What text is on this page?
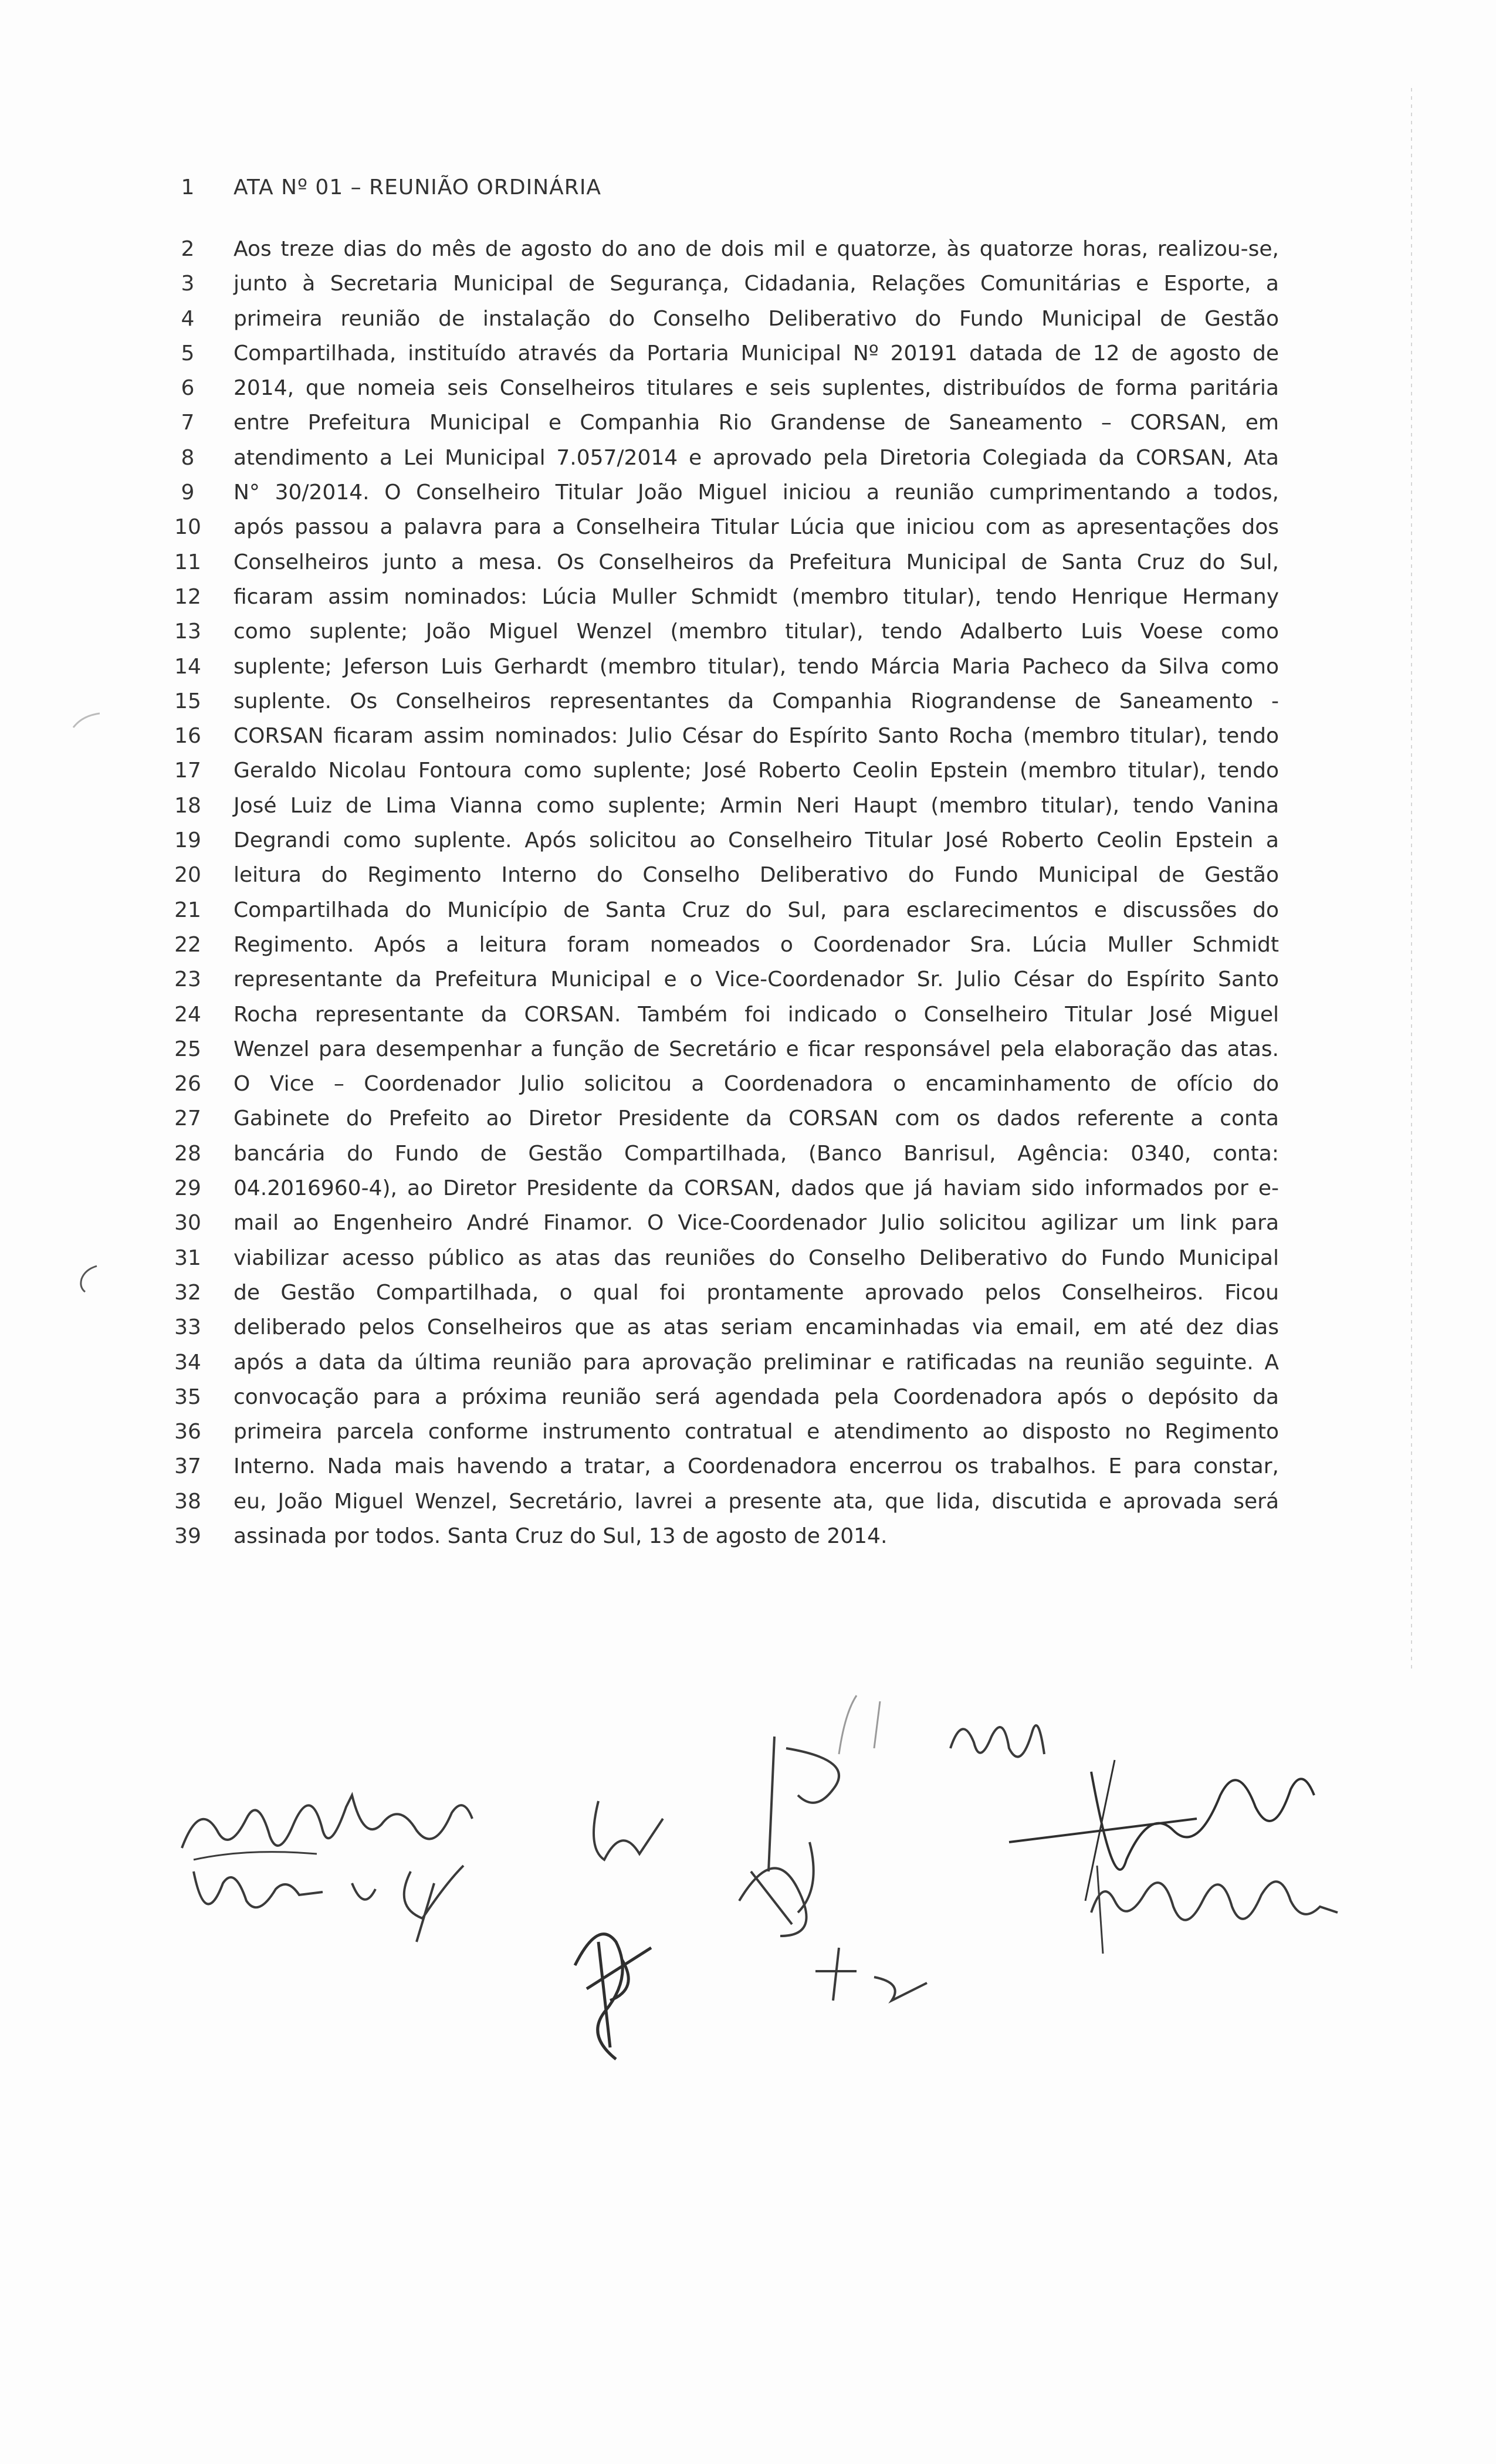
1	ATA Nº 01 – REUNIÃO ORDINÁRIA
2	Aos treze dias do mês de agosto do ano de dois mil e quatorze, às quatorze horas, realizou-se,
3	junto à Secretaria Municipal de Segurança, Cidadania, Relações Comunitárias e Esporte, a
4	primeira reunião de instalação do Conselho Deliberativo do Fundo Municipal de Gestão
5	Compartilhada, instituído através da Portaria Municipal Nº 20191 datada de 12 de agosto de
6	2014, que nomeia seis Conselheiros titulares e seis suplentes, distribuídos de forma paritária
7	entre Prefeitura Municipal e Companhia Rio Grandense de Saneamento – CORSAN, em
8	atendimento a Lei Municipal 7.057/2014 e aprovado pela Diretoria Colegiada da CORSAN, Ata
9	N° 30/2014. O Conselheiro Titular João Miguel iniciou a reunião cumprimentando a todos,
10	após passou a palavra para a Conselheira Titular Lúcia que iniciou com as apresentações dos
11	Conselheiros junto a mesa. Os Conselheiros da Prefeitura Municipal de Santa Cruz do Sul,
12	ficaram assim nominados: Lúcia Muller Schmidt (membro titular), tendo Henrique Hermany
13	como suplente; João Miguel Wenzel (membro titular), tendo Adalberto Luis Voese como
14	suplente; Jeferson Luis Gerhardt (membro titular), tendo Márcia Maria Pacheco da Silva como
15	suplente. Os Conselheiros representantes da Companhia Riograndense de Saneamento -
16	CORSAN ficaram assim nominados: Julio César do Espírito Santo Rocha (membro titular), tendo
17	Geraldo Nicolau Fontoura como suplente; José Roberto Ceolin Epstein (membro titular), tendo
18	José Luiz de Lima Vianna como suplente; Armin Neri Haupt (membro titular), tendo Vanina
19	Degrandi como suplente. Após solicitou ao Conselheiro Titular José Roberto Ceolin Epstein a
20	leitura do Regimento Interno do Conselho Deliberativo do Fundo Municipal de Gestão
21	Compartilhada do Município de Santa Cruz do Sul, para esclarecimentos e discussões do
22	Regimento. Após a leitura foram nomeados o Coordenador Sra. Lúcia Muller Schmidt
23	representante da Prefeitura Municipal e o Vice-Coordenador Sr. Julio César do Espírito Santo
24	Rocha representante da CORSAN. Também foi indicado o Conselheiro Titular José Miguel
25	Wenzel para desempenhar a função de Secretário e ficar responsável pela elaboração das atas.
26	O Vice – Coordenador Julio solicitou a Coordenadora o encaminhamento de ofício do
27	Gabinete do Prefeito ao Diretor Presidente da CORSAN com os dados referente a conta
28	bancária do Fundo de Gestão Compartilhada, (Banco Banrisul, Agência: 0340, conta:
29	04.2016960-4), ao Diretor Presidente da CORSAN, dados que já haviam sido informados por e-
30	mail ao Engenheiro André Finamor. O Vice-Coordenador Julio solicitou agilizar um link para
31	viabilizar acesso público as atas das reuniões do Conselho Deliberativo do Fundo Municipal
32	de Gestão Compartilhada, o qual foi prontamente aprovado pelos Conselheiros. Ficou
33	deliberado pelos Conselheiros que as atas seriam encaminhadas via email, em até dez dias
34	após a data da última reunião para aprovação preliminar e ratificadas na reunião seguinte. A
35	convocação para a próxima reunião será agendada pela Coordenadora após o depósito da
36	primeira parcela conforme instrumento contratual e atendimento ao disposto no Regimento
37	Interno. Nada mais havendo a tratar, a Coordenadora encerrou os trabalhos. E para constar,
38	eu, João Miguel Wenzel, Secretário, lavrei a presente ata, que lida, discutida e aprovada será
39	assinada por todos. Santa Cruz do Sul, 13 de agosto de 2014.
